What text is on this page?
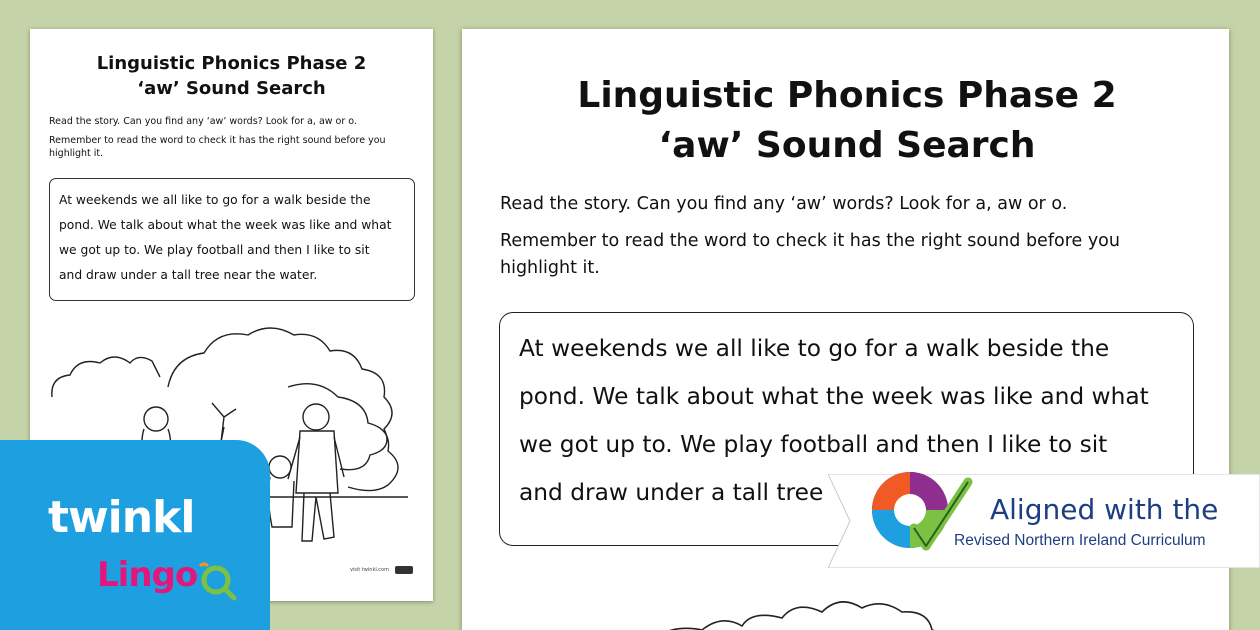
Linguistic Phonics Phase 2
‘aw’ Sound Search
Read the story. Can you find any ‘aw’ words? Look for a, aw or o.
Remember to read the word to check it has the right sound before you highlight it.
At weekends we all like to go for a walk beside the
pond. We talk about what the week was like and what
we got up to. We play football and then I like to sit
and draw under a tall tree near the water.
visit twinkl.com
Linguistic Phonics Phase 2
‘aw’ Sound Search
Read the story. Can you find any ‘aw’ words? Look for a, aw or o.
Remember to read the word to check it has the right sound before you highlight it.
At weekends we all like to go for a walk beside the
pond. We talk about what the week was like and what
we got up to. We play football and then I like to sit
and draw under a tall tree
twinkl
Lingo
Aligned with the
Revised Northern Ireland Curriculum
